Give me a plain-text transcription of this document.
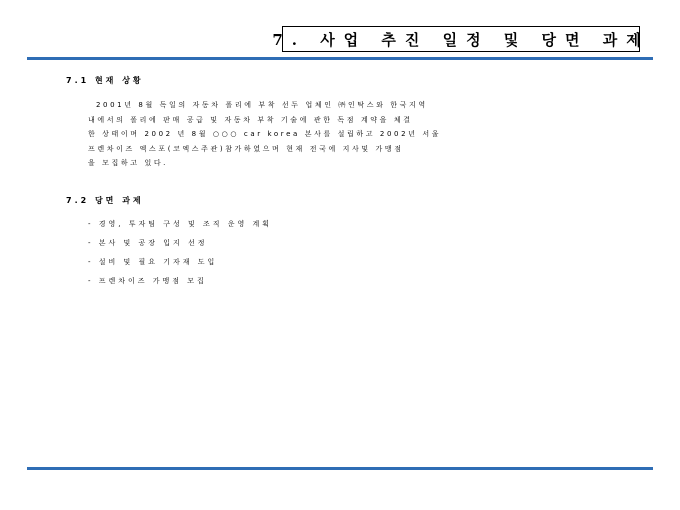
7. 사업 추진 일정 및 당면 과제
7.1 현재 상황
2001년 8월 독일의 자동차 폴리에 부착 선두 업체인 ㈜인탁스와 한국지역
내에서의 폴리에 판매 공급 및 자동차 부착 기술에 관한 독점 계약을 체결
한 상태이며 2002 년 8월 ○○○ car korea 본사를 설립하고 2002년 서울
프렌차이즈 엑스포(코엑스주관)참가하였으며 현재 전국에 지사및 가맹점
을 모집하고 있다.
7.2 당면 과제
- 경영, 투자팀 구성 및 조직 운영 계획
- 본사 및 공장 입지 선정
- 설비 및 필요 기자재 도입
- 프렌차이즈 가맹점 모집
